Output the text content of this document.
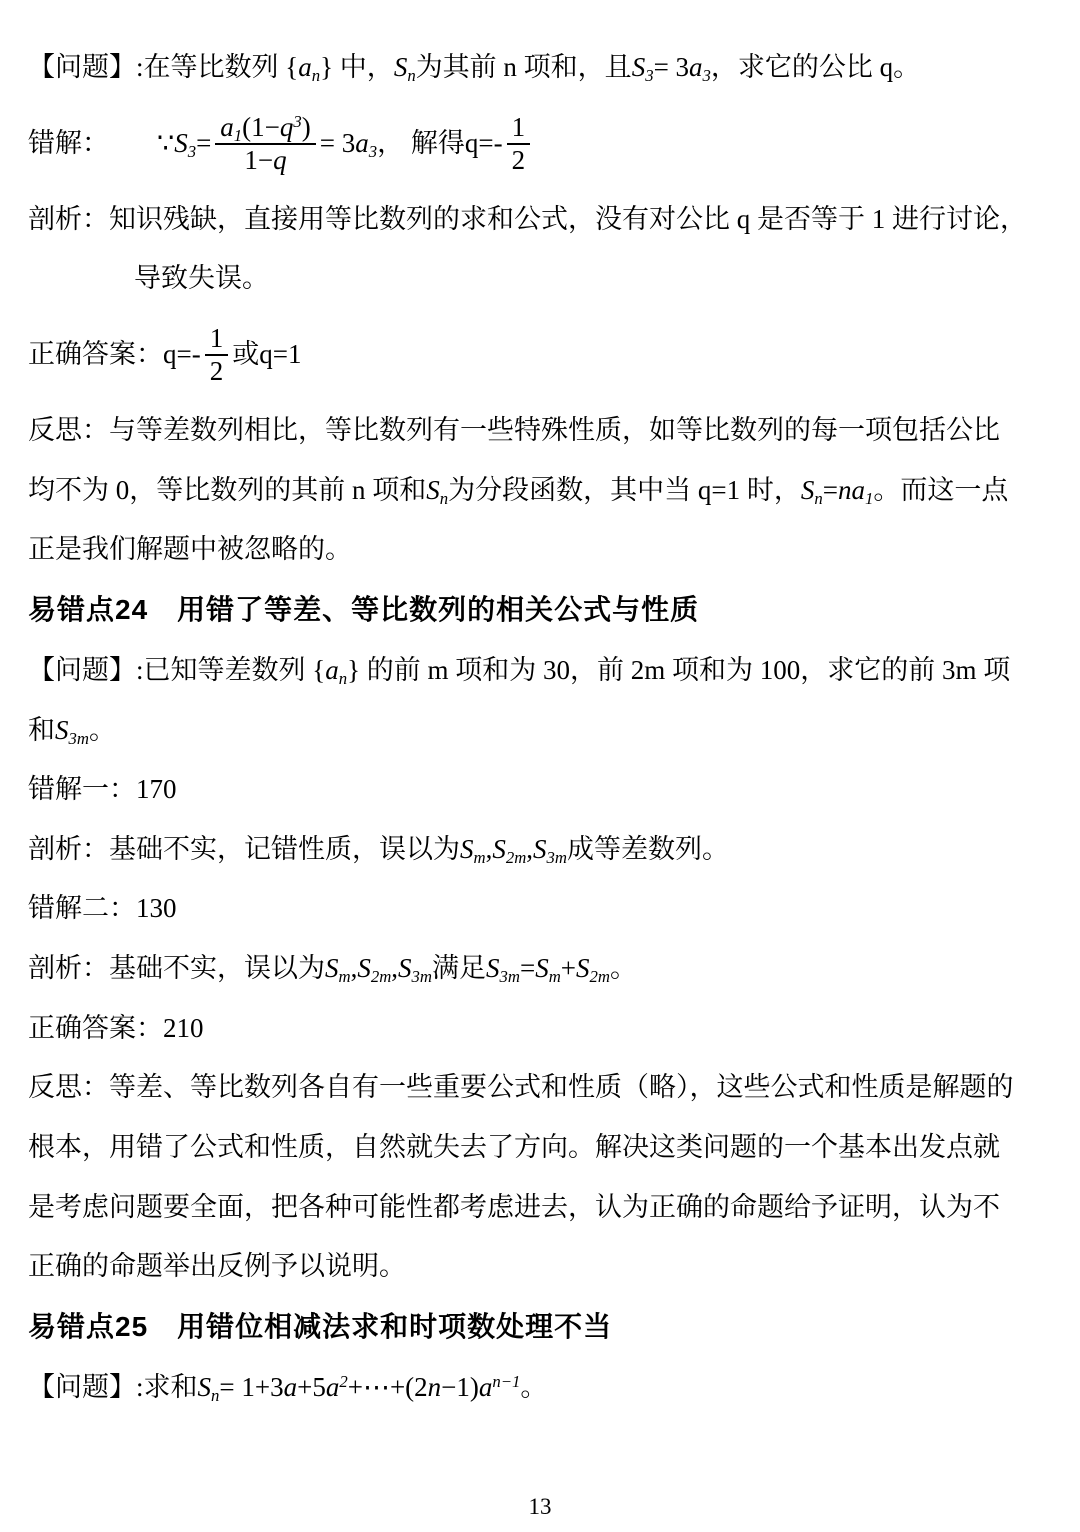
【问题】:在等比数列 { $a_n$ } 中， $S_n$ 为其前 n 项和，且 $S_3 = 3$ $a_3$ ，求它的公比 q。
错解： ∵ $S_3 = \frac{a_1(1-q^3)}{1-q} = 3$ $a_3$ ， 解得$q=- \frac{1}{2}$
剖析：知识残缺，直接用等比数列的求和公式，没有对公比 q 是否等于 1 进行讨论，
导致失误。
正确答案：$q=- \frac{1}{2}$ 或q=1
反思：与等差数列相比，等比数列有一些特殊性质，如等比数列的每一项包括公比
均不为 0，等比数列的其前 n 项和 $S_n$ 为分段函数，其中当 q=1 时， $S_n = na_1$ 。而这一点
正是我们解题中被忽略的。
易错点24　用错了等差、等比数列的相关公式与性质
【问题】:已知等差数列 { $a_n$ } 的前 m 项和为 30，前 2m 项和为 100，求它的前 3m 项
和 $S_{3m}$ 。
错解一：170
剖析：基础不实，记错性质，误以为 $S_m$ , $S_{2m}$ , $S_{3m}$ 成等差数列。
错解二：130
剖析：基础不实，误以为 $S_m$ , $S_{2m}$ , $S_{3m}$ 满足 $S_{3m} = S_m + S_{2m}$ 。
正确答案：210
反思：等差、等比数列各自有一些重要公式和性质（略），这些公式和性质是解题的
根本，用错了公式和性质，自然就失去了方向。解决这类问题的一个基本出发点就
是考虑问题要全面，把各种可能性都考虑进去，认为正确的命题给予证明，认为不
正确的命题举出反例予以说明。
易错点25　用错位相减法求和时项数处理不当
【问题】:求和 $S_n = 1+3$ a +5 $a^2$ +⋯+(2 n −1) $a^{n-1}$ 。
13
